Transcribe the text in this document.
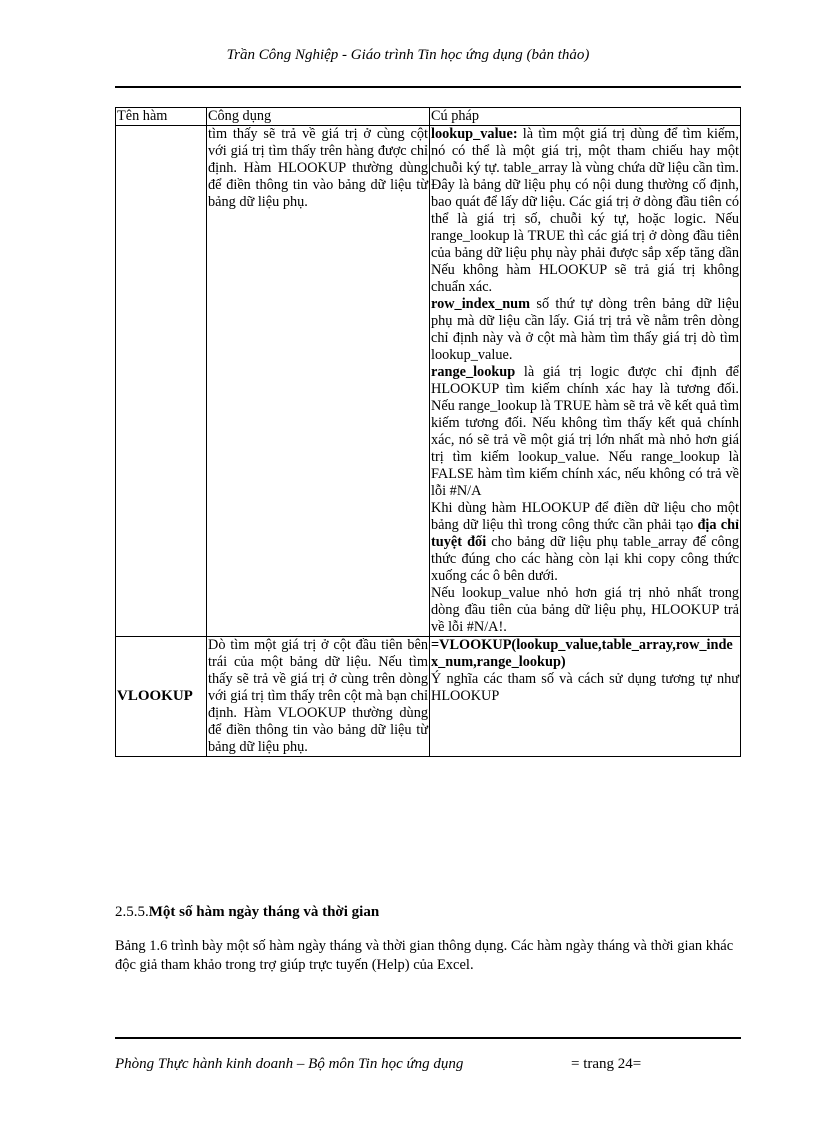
Trần Công Nghiệp - Giáo trình Tin học ứng dụng (bản thảo)
Tên hàm	Công dụng	Cú pháp
	tìm thấy sẽ trả về giá trị ở cùng cột với giá trị tìm thấy trên hàng được chỉ định. Hàm HLOOKUP thường dùng để điền thông tin vào bảng dữ liệu từ bảng dữ liệu phụ.	lookup_value: là tìm một giá trị dùng để tìm kiếm, nó có thể là một giá trị, một tham chiếu hay một chuỗi ký tự. table_array là vùng chứa dữ liệu cần tìm. Đây là bảng dữ liệu phụ có nội dung thường cố định, bao quát để lấy dữ liệu. Các giá trị ở dòng đầu tiên có thể là giá trị số, chuỗi ký tự, hoặc logic. Nếu range_lookup là TRUE thì các giá trị ở dòng đầu tiên của bảng dữ liệu phụ này phải được sắp xếp tăng dần Nếu không hàm HLOOKUP sẽ trả giá trị không chuẩn xác.

row_index_num số thứ tự dòng trên bảng dữ liệu phụ mà dữ liệu cần lấy. Giá trị trả về nằm trên dòng chỉ định này và ở cột mà hàm tìm thấy giá trị dò tìm lookup_value.

range_lookup là giá trị logic được chỉ định để HLOOKUP tìm kiếm chính xác hay là tương đối. Nếu range_lookup là TRUE hàm sẽ trả về kết quả tìm kiếm tương đối. Nếu không tìm thấy kết quả chính xác, nó sẽ trả về một giá trị lớn nhất mà nhỏ hơn giá trị tìm kiếm lookup_value. Nếu range_lookup là FALSE hàm tìm kiếm chính xác, nếu không có trả về lỗi #N/A

Khi dùng hàm HLOOKUP để điền dữ liệu cho một bảng dữ liệu thì trong công thức cần phải tạo địa chỉ tuyệt đối cho bảng dữ liệu phụ table_array để công thức đúng cho các hàng còn lại khi copy công thức xuống các ô bên dưới.

Nếu lookup_value nhỏ hơn giá trị nhỏ nhất trong dòng đầu tiên của bảng dữ liệu phụ, HLOOKUP trả về lỗi #N/A!.

VLOOKUP	Dò tìm một giá trị ở cột đầu tiên bên trái của một bảng dữ liệu. Nếu tìm thấy sẽ trả về giá trị ở cùng trên dòng với giá trị tìm thấy trên cột mà bạn chỉ định. Hàm VLOOKUP thường dùng để điền thông tin vào bảng dữ liệu từ bảng dữ liệu phụ.	=VLOOKUP(lookup_value,table_array,row_index_num,range_lookup)

Ý nghĩa các tham số và cách sử dụng tương tự như HLOOKUP

2.5.5.Một số hàm ngày tháng và thời gian
Bảng 1.6 trình bày một số hàm ngày tháng và thời gian thông dụng. Các hàm ngày tháng và thời gian khác độc giả tham khảo trong trợ giúp trực tuyến (Help) của Excel.
Phòng Thực hành kinh doanh – Bộ môn Tin học ứng dụng	= trang 24=
